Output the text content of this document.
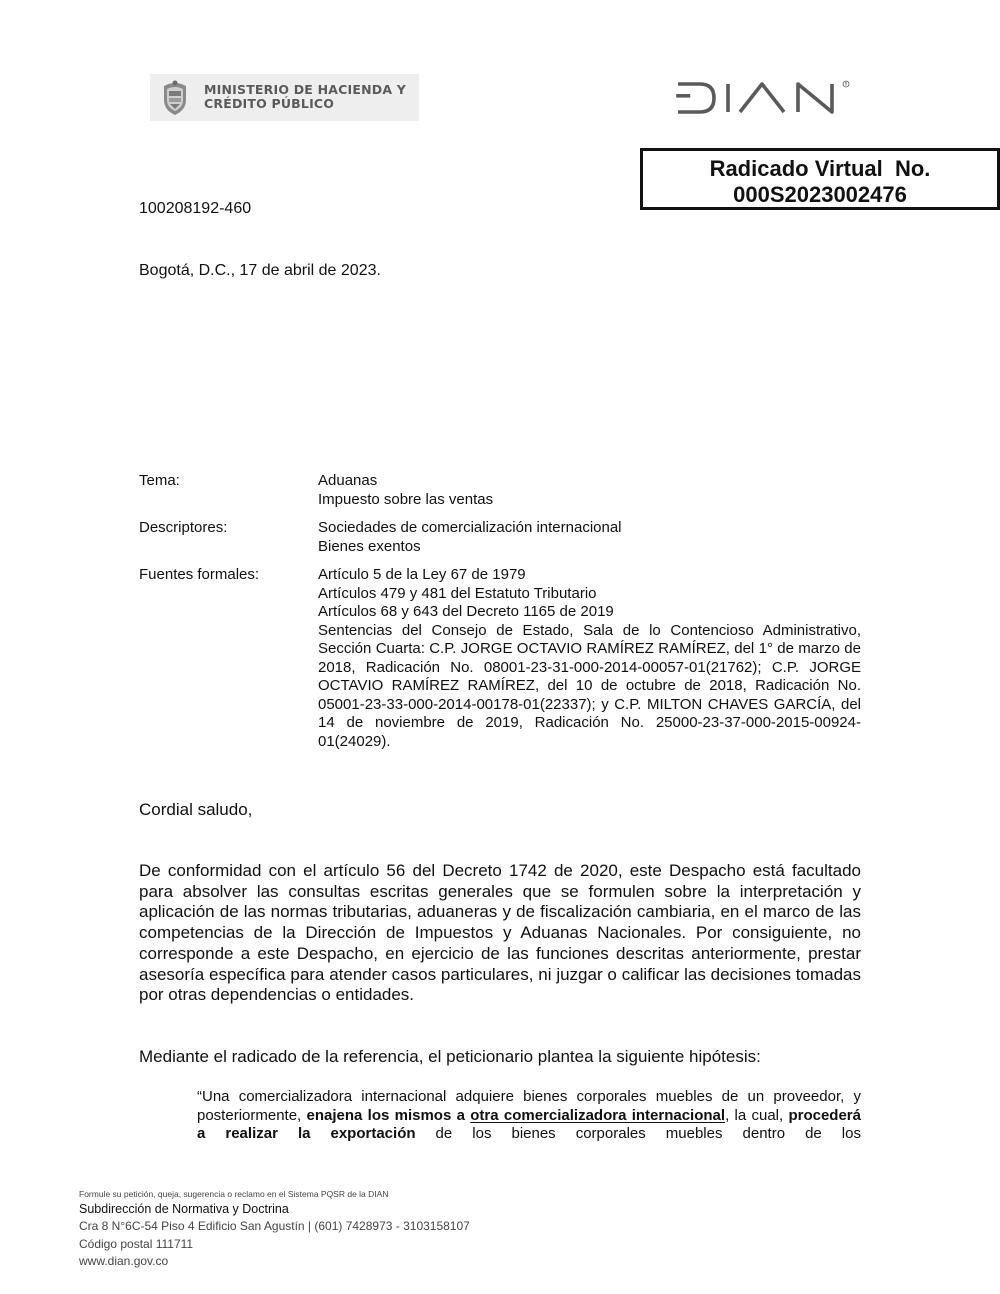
MINISTERIO DE HACIENDA Y
CRÉDITO PÚBLICO
R
Radicado Virtual  No.
000S2023002476
100208192-460
Bogotá, D.C., 17 de abril de 2023.
Tema:	Aduanas
Impuesto sobre las ventas
Descriptores:	Sociedades de comercialización internacional
Bienes exentos
Fuentes formales:	Artículo 5 de la Ley 67 de 1979
Artículos 479 y 481 del Estatuto Tributario
Artículos 68 y 643 del Decreto 1165 de 2019
Sentencias del Consejo de Estado, Sala de lo Contencioso Administrativo, Sección Cuarta: C.P. JORGE OCTAVIO RAMÍREZ RAMÍREZ, del 1° de marzo de 2018, Radicación No. 08001-23-31-000-2014-00057-01(21762); C.P. JORGE OCTAVIO RAMÍREZ RAMÍREZ, del 10 de octubre de 2018, Radicación No. 05001-23-33-000-2014-00178-01(22337); y C.P. MILTON CHAVES GARCÍA, del 14 de noviembre de 2019, Radicación No. 25000-23-37-000-2015-00924-01(24029).
Cordial saludo,
De conformidad con el artículo 56 del Decreto 1742 de 2020, este Despacho está facultado para absolver las consultas escritas generales que se formulen sobre la interpretación y aplicación de las normas tributarias, aduaneras y de fiscalización cambiaria, en el marco de las competencias de la Dirección de Impuestos y Aduanas Nacionales. Por consiguiente, no corresponde a este Despacho, en ejercicio de las funciones descritas anteriormente, prestar asesoría específica para atender casos particulares, ni juzgar o calificar las decisiones tomadas por otras dependencias o entidades.
Mediante el radicado de la referencia, el peticionario plantea la siguiente hipótesis:
“Una comercializadora internacional adquiere bienes corporales muebles de un proveedor, y posteriormente, enajena los mismos a otra comercializadora internacional, la cual, procederá a realizar la exportación de los bienes corporales muebles dentro de los
Formule su petición, queja, sugerencia o reclamo en el Sistema PQSR de la DIAN
Subdirección de Normativa y Doctrina
Cra 8 N°6C-54 Piso 4 Edificio San Agustín | (601) 7428973 - 3103158107
Código postal 111711
www.dian.gov.co
